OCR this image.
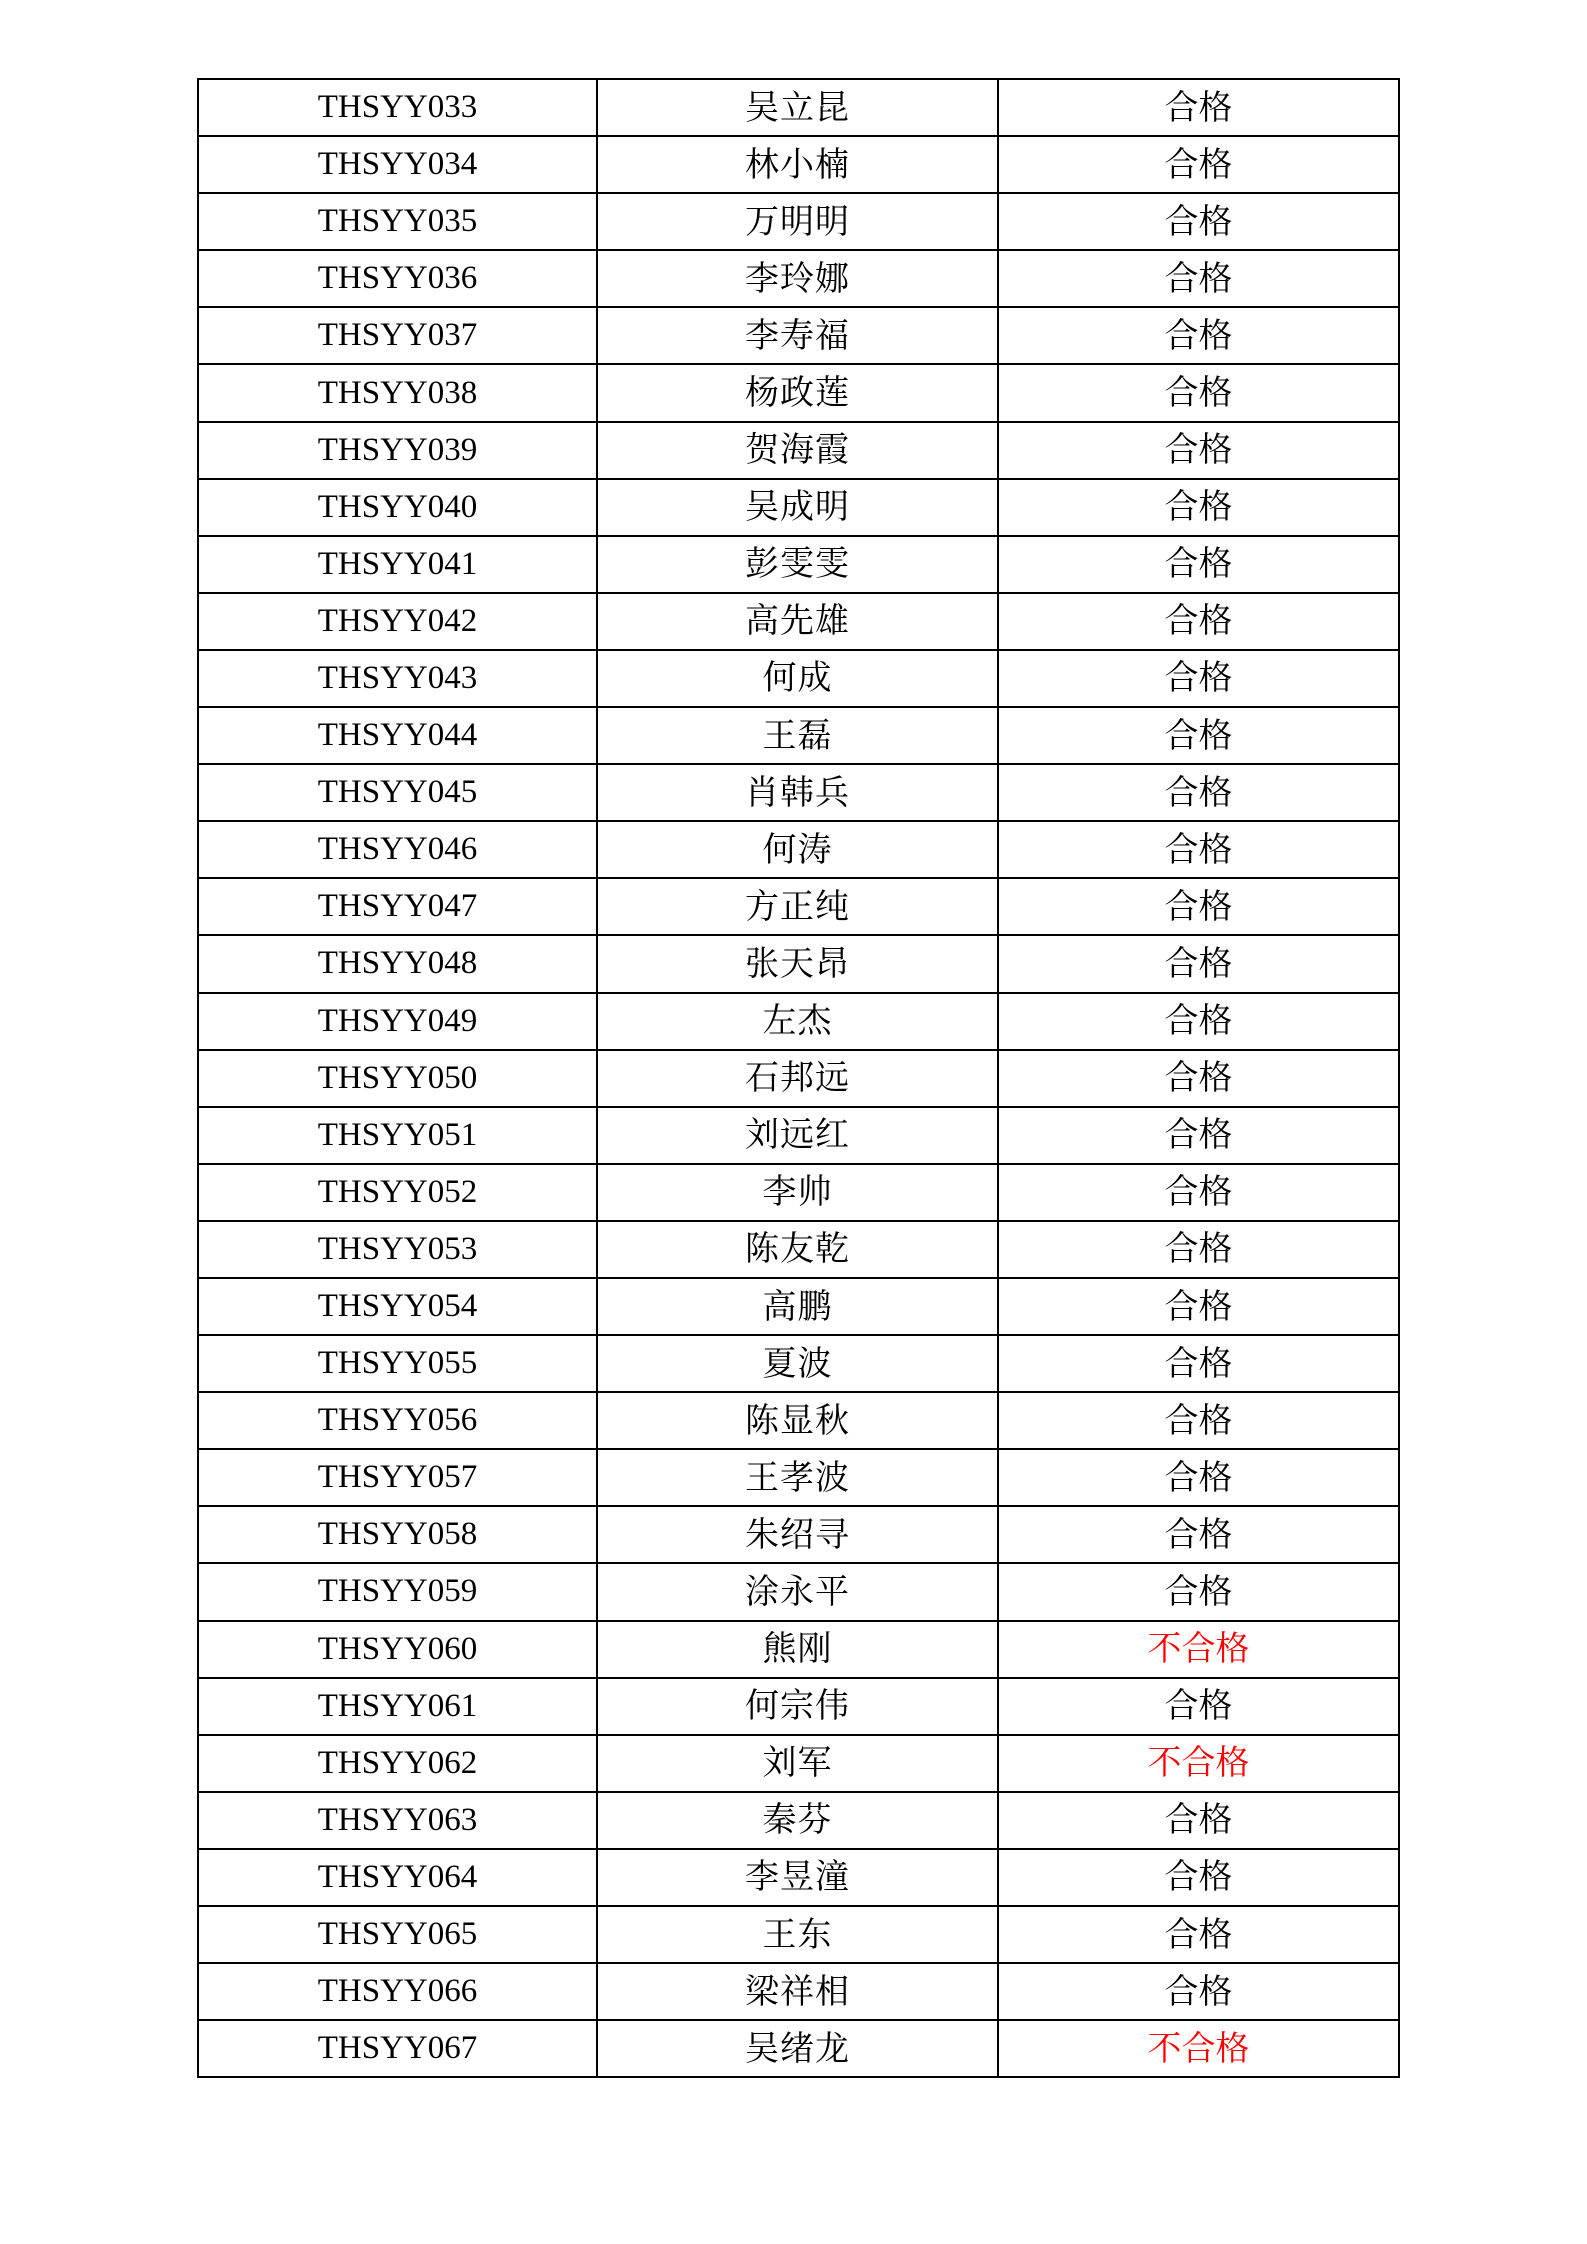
THSYY033	吴立昆	合格
THSYY034	林小楠	合格
THSYY035	万明明	合格
THSYY036	李玲娜	合格
THSYY037	李寿福	合格
THSYY038	杨政莲	合格
THSYY039	贺海霞	合格
THSYY040	吴成明	合格
THSYY041	彭雯雯	合格
THSYY042	高先雄	合格
THSYY043	何成	合格
THSYY044	王磊	合格
THSYY045	肖韩兵	合格
THSYY046	何涛	合格
THSYY047	方正纯	合格
THSYY048	张天昂	合格
THSYY049	左杰	合格
THSYY050	石邦远	合格
THSYY051	刘远红	合格
THSYY052	李帅	合格
THSYY053	陈友乾	合格
THSYY054	高鹏	合格
THSYY055	夏波	合格
THSYY056	陈显秋	合格
THSYY057	王孝波	合格
THSYY058	朱绍寻	合格
THSYY059	涂永平	合格
THSYY060	熊刚	不合格
THSYY061	何宗伟	合格
THSYY062	刘军	不合格
THSYY063	秦芬	合格
THSYY064	李昱潼	合格
THSYY065	王东	合格
THSYY066	梁祥相	合格
THSYY067	吴绪龙	不合格
